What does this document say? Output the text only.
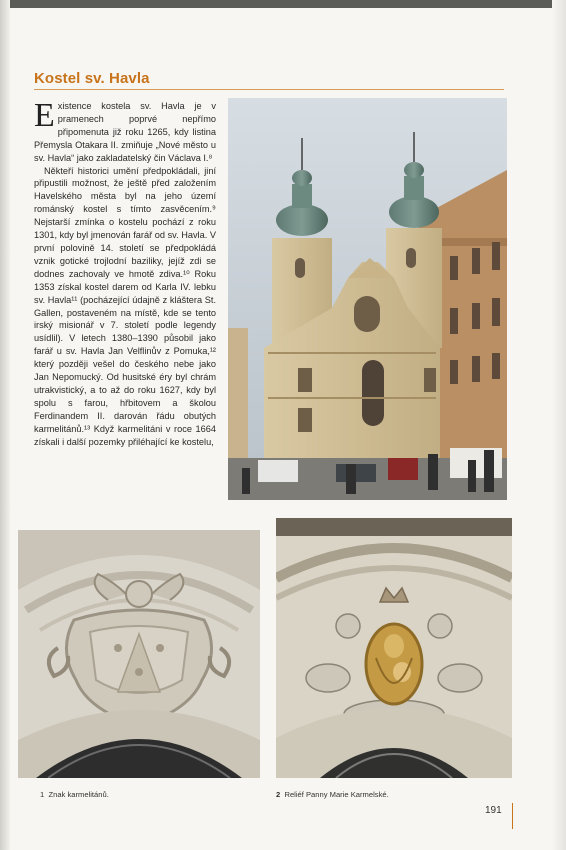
Kostel sv. Havla

Existence kostela sv. Havla je v pramenech poprvé nepřímo připomenuta již roku 1265, kdy listina Přemysla Otakara II. zmiňuje „Nové město u sv. Havla“ jako zakladatelský čin Václava I.⁸

Někteří historici umění předpokládali, jiní připustili možnost, že ještě před založením Havelského města byl na jeho území románský kostel s tímto zasvěcením.⁹ Nejstarší zmínka o kostelu pochází z roku 1301, kdy byl jmenován farář od sv. Havla. V první polovině 14. století se předpokládá vznik gotické trojlodní baziliky, jejíž zdi se dodnes zachovaly ve hmotě zdiva.¹⁰ Roku 1353 získal kostel darem od Karla IV. lebku sv. Havla¹¹ (pocházející údajně z kláštera St. Gallen, postaveném na místě, kde se tento irský misionář v 7. století podle legendy usídlil). V letech 1380–1390 působil jako farář u sv. Havla Jan Velflinův z Pomuka,¹² který později vešel do českého nebe jako Jan Nepomucký. Od husitské éry byl chrám utrakvistický, a to až do roku 1627, kdy byl spolu s farou, hřbitovem a školou Ferdinandem II. darován řádu obutých karmelitánů.¹³ Když karmelitáni v roce 1664 získali i další pozemky přiléhající ke kostelu,

1 Znak karmelitánů.	2 Reliéf Panny Marie Karmelské.
191
